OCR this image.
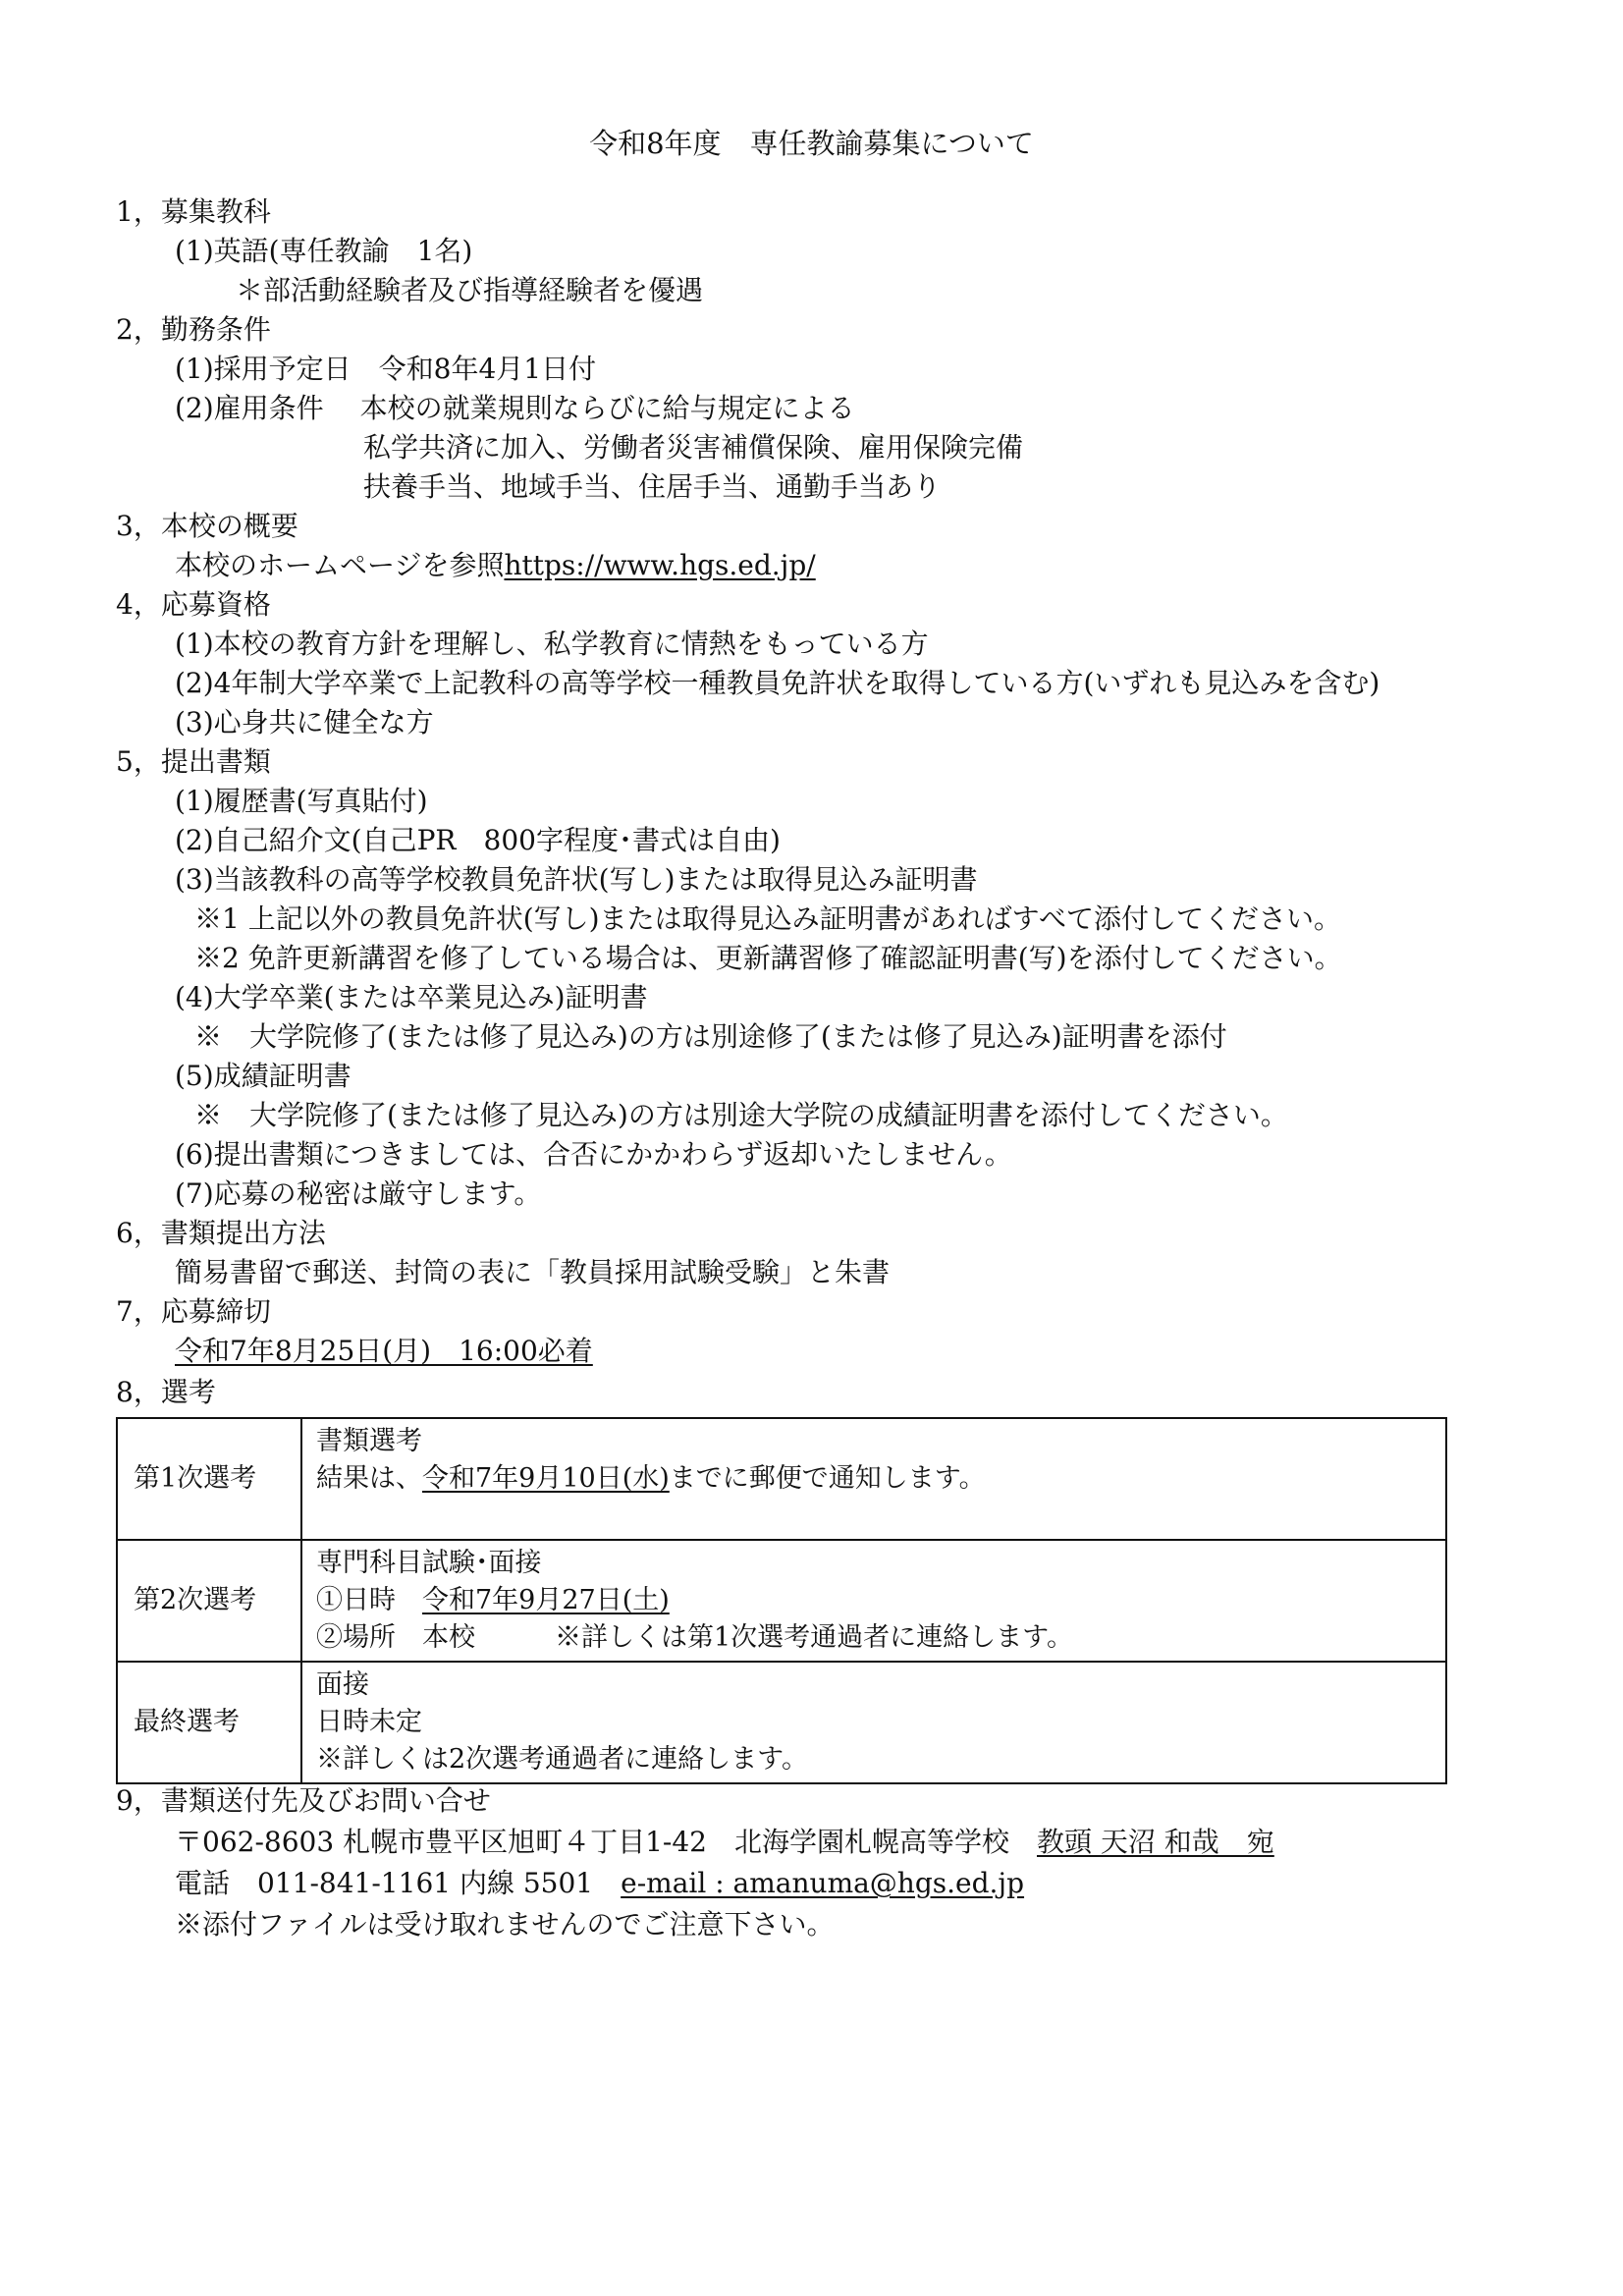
令和8年度　専任教諭募集について
1，募集教科
(1)英語(専任教諭　1名)
＊部活動経験者及び指導経験者を優遇
2，勤務条件
(1)採用予定日　令和8年4月1日付
(2)雇用条件　 本校の就業規則ならびに給与規定による
私学共済に加入、労働者災害補償保険、雇用保険完備
扶養手当、地域手当、住居手当、通勤手当あり
3，本校の概要
本校のホームページを参照https://www.hgs.ed.jp/
4，応募資格
(1)本校の教育方針を理解し、私学教育に情熱をもっている方
(2)4年制大学卒業で上記教科の高等学校一種教員免許状を取得している方(いずれも見込みを含む)
(3)心身共に健全な方
5，提出書類
(1)履歴書(写真貼付)
(2)自己紹介文(自己PR　800字程度･書式は自由)
(3)当該教科の高等学校教員免許状(写し)または取得見込み証明書
※1 上記以外の教員免許状(写し)または取得見込み証明書があればすべて添付してください。
※2 免許更新講習を修了している場合は、更新講習修了確認証明書(写)を添付してください。
(4)大学卒業(または卒業見込み)証明書
※　大学院修了(または修了見込み)の方は別途修了(または修了見込み)証明書を添付
(5)成績証明書
※　大学院修了(または修了見込み)の方は別途大学院の成績証明書を添付してください。
(6)提出書類につきましては、合否にかかわらず返却いたしません。
(7)応募の秘密は厳守します。
6，書類提出方法
簡易書留で郵送、封筒の表に「教員採用試験受験」と朱書
7，応募締切
令和7年8月25日(月)　16:00必着
8，選考
第1次選考	書類選考
結果は、令和7年9月10日(水)までに郵便で通知します。

第2次選考	専門科目試験･面接
①日時　令和7年9月27日(土)
②場所　本校　　　※詳しくは第1次選考通過者に連絡します。

最終選考	面接
日時未定
※詳しくは2次選考通過者に連絡します。
9，書類送付先及びお問い合せ
〒062-8603 札幌市豊平区旭町４丁目1-42　北海学園札幌高等学校　教頭 天沼 和哉　宛
電話　011-841-1161 内線 5501　e-mail : amanuma@hgs.ed.jp
※添付ファイルは受け取れませんのでご注意下さい。
